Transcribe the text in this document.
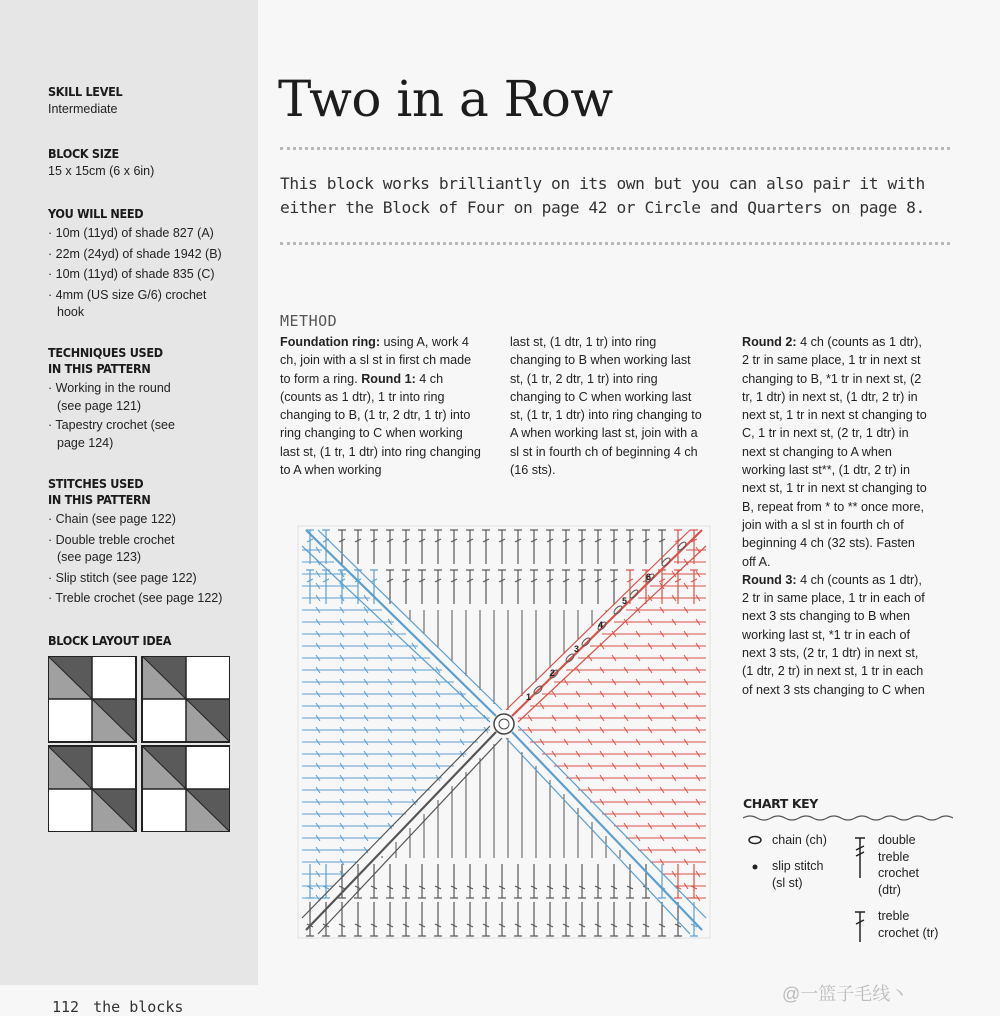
SKILL LEVEL
Intermediate
BLOCK SIZE
15 x 15cm (6 x 6in)
YOU WILL NEED
· 10m (11yd) of shade 827 (A)
· 22m (24yd) of shade 1942 (B)
· 10m (11yd) of shade 835 (C)
· 4mm (US size G/6) crochet hook
TECHNIQUES USED
IN THIS PATTERN
· Working in the round (see page 121)
· Tapestry crochet (see page 124)
STITCHES USED
IN THIS PATTERN
· Chain (see page 122)
· Double treble crochet (see page 123)
· Slip stitch (see page 122)
· Treble crochet (see page 122)
BLOCK LAYOUT IDEA
Two in a Row
This block works brilliantly on its own but you can also pair it with either the Block of Four on page 42 or Circle and Quarters on page 8.
METHOD
Foundation ring: using A, work 4 ch, join with a sl st in first ch made to form a ring. Round 1: 4 ch (counts as 1 dtr), 1 tr into ring changing to B, (1 tr, 2 dtr, 1 tr) into ring changing to C when working last st, (1 tr, 1 dtr) into ring changing to A when working
last st, (1 dtr, 1 tr) into ring changing to B when working last st, (1 tr, 2 dtr, 1 tr) into ring changing to C when working last st, (1 tr, 1 dtr) into ring changing to A when working last st, join with a sl st in fourth ch of beginning 4 ch (16 sts).
Round 2: 4 ch (counts as 1 dtr), 2 tr in same place, 1 tr in next st changing to B, *1 tr in next st, (2 tr, 1 dtr) in next st, (1 dtr, 2 tr) in next st, 1 tr in next st changing to C, 1 tr in next st, (2 tr, 1 dtr) in next st changing to A when working last st**, (1 dtr, 2 tr) in next st, 1 tr in next st changing to B, repeat from * to ** once more, join with a sl st in fourth ch of beginning 4 ch (32 sts). Fasten off A.
Round 3: 4 ch (counts as 1 dtr), 2 tr in same place, 1 tr in each of next 3 sts changing to B when working last st, *1 tr in each of next 3 sts, (2 tr, 1 dtr) in next st, (1 dtr, 2 tr) in next st, 1 tr in each of next 3 sts changing to C when
1
2
3
4
5
6
CHART KEY
chain (ch)
slip stitch (sl st)
double treble crochet (dtr)
treble crochet (tr)
112 the blocks
@一篮子毛线丶
